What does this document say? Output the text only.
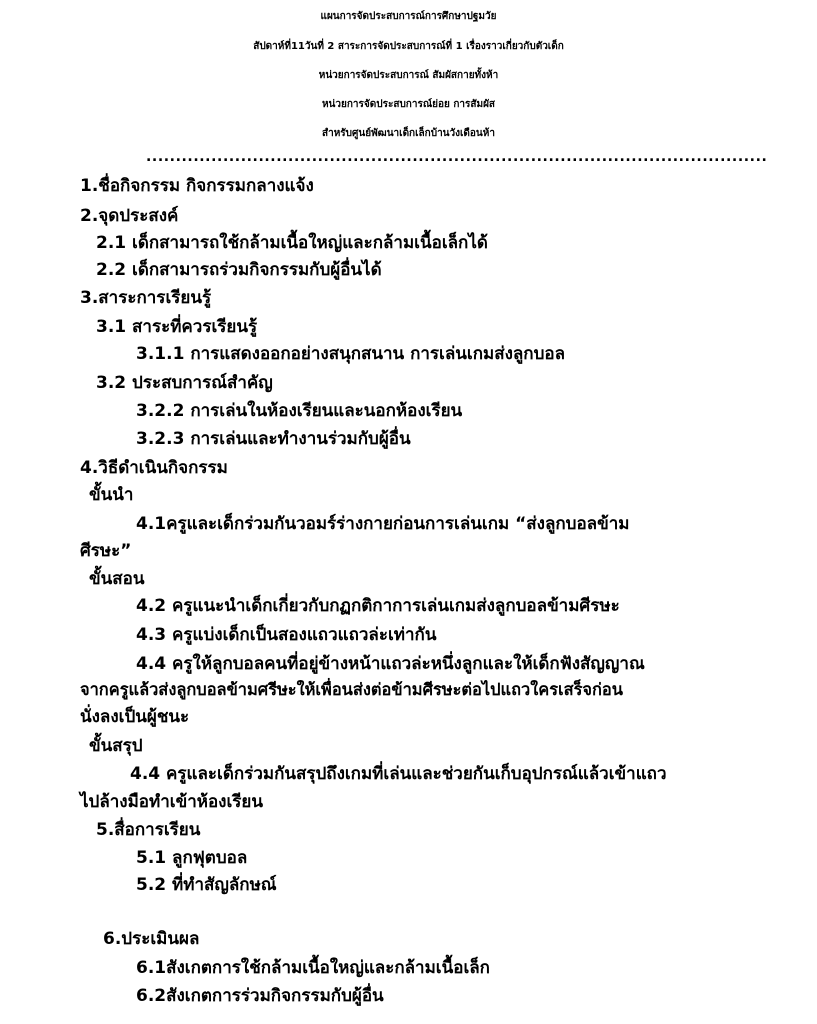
แผนการจัดประสบการณ์การศึกษาปฐมวัย
สัปดาห์ที่11วันที่ 2 สาระการจัดประสบการณ์ที่ 1 เรื่องราวเกี่ยวกับตัวเด็ก
หน่วยการจัดประสบการณ์ สัมผัสกายทั้งห้า
หน่วยการจัดประสบการณ์ย่อย การสัมผัส
สำหรับศูนย์พัฒนาเด็กเล็กบ้านวังเดือนห้า
.........................................................................................................
1.ชื่อกิจกรรม กิจกรรมกลางแจ้ง
2.จุดประสงค์
2.1 เด็กสามารถใช้กล้ามเนื้อใหญ่และกล้ามเนื้อเล็กได้
2.2 เด็กสามารถร่วมกิจกรรมกับผู้อื่นได้
3.สาระการเรียนรู้
3.1 สาระที่ควรเรียนรู้
3.1.1 การแสดงออกอย่างสนุกสนาน การเล่นเกมส่งลูกบอล
3.2 ประสบการณ์สำคัญ
3.2.2 การเล่นในห้องเรียนและนอกห้องเรียน
3.2.3 การเล่นและทำงานร่วมกับผู้อื่น
4.วิธีดำเนินกิจกรรม
ขั้นนำ
4.1ครูและเด็กร่วมกันวอมร์ร่างกายก่อนการเล่นเกม “ส่งลูกบอลข้าม
ศีรษะ”
ขั้นสอน
4.2 ครูแนะนำเด็กเกี่ยวกับกฏกติกาการเล่นเกมส่งลูกบอลข้ามศีรษะ
4.3 ครูแบ่งเด็กเป็นสองแถวแถวล่ะเท่ากัน
4.4 ครูให้ลูกบอลคนที่อยู่ข้างหน้าแถวล่ะหนึ่งลูกและให้เด็กฟังสัญญาณ
จากครูแล้วส่งลูกบอลข้ามศรีษะให้เพื่อนส่งต่อข้ามศีรษะต่อไปแถวใครเสร็จก่อน
นั่งลงเป็นผู้ชนะ
ขั้นสรุป
4.4 ครูและเด็กร่วมกันสรุปถึงเกมที่เล่นและช่วยกันเก็บอุปกรณ์แล้วเข้าแถว
ไปล้างมือทำเข้าห้องเรียน
5.สื่อการเรียน
5.1 ลูกฟุตบอล
5.2 ที่ทำสัญลักษณ์
6.ประเมินผล
6.1สังเกตการใช้กล้ามเนื้อใหญ่และกล้ามเนื้อเล็ก
6.2สังเกตการร่วมกิจกรรมกับผู้อื่น
